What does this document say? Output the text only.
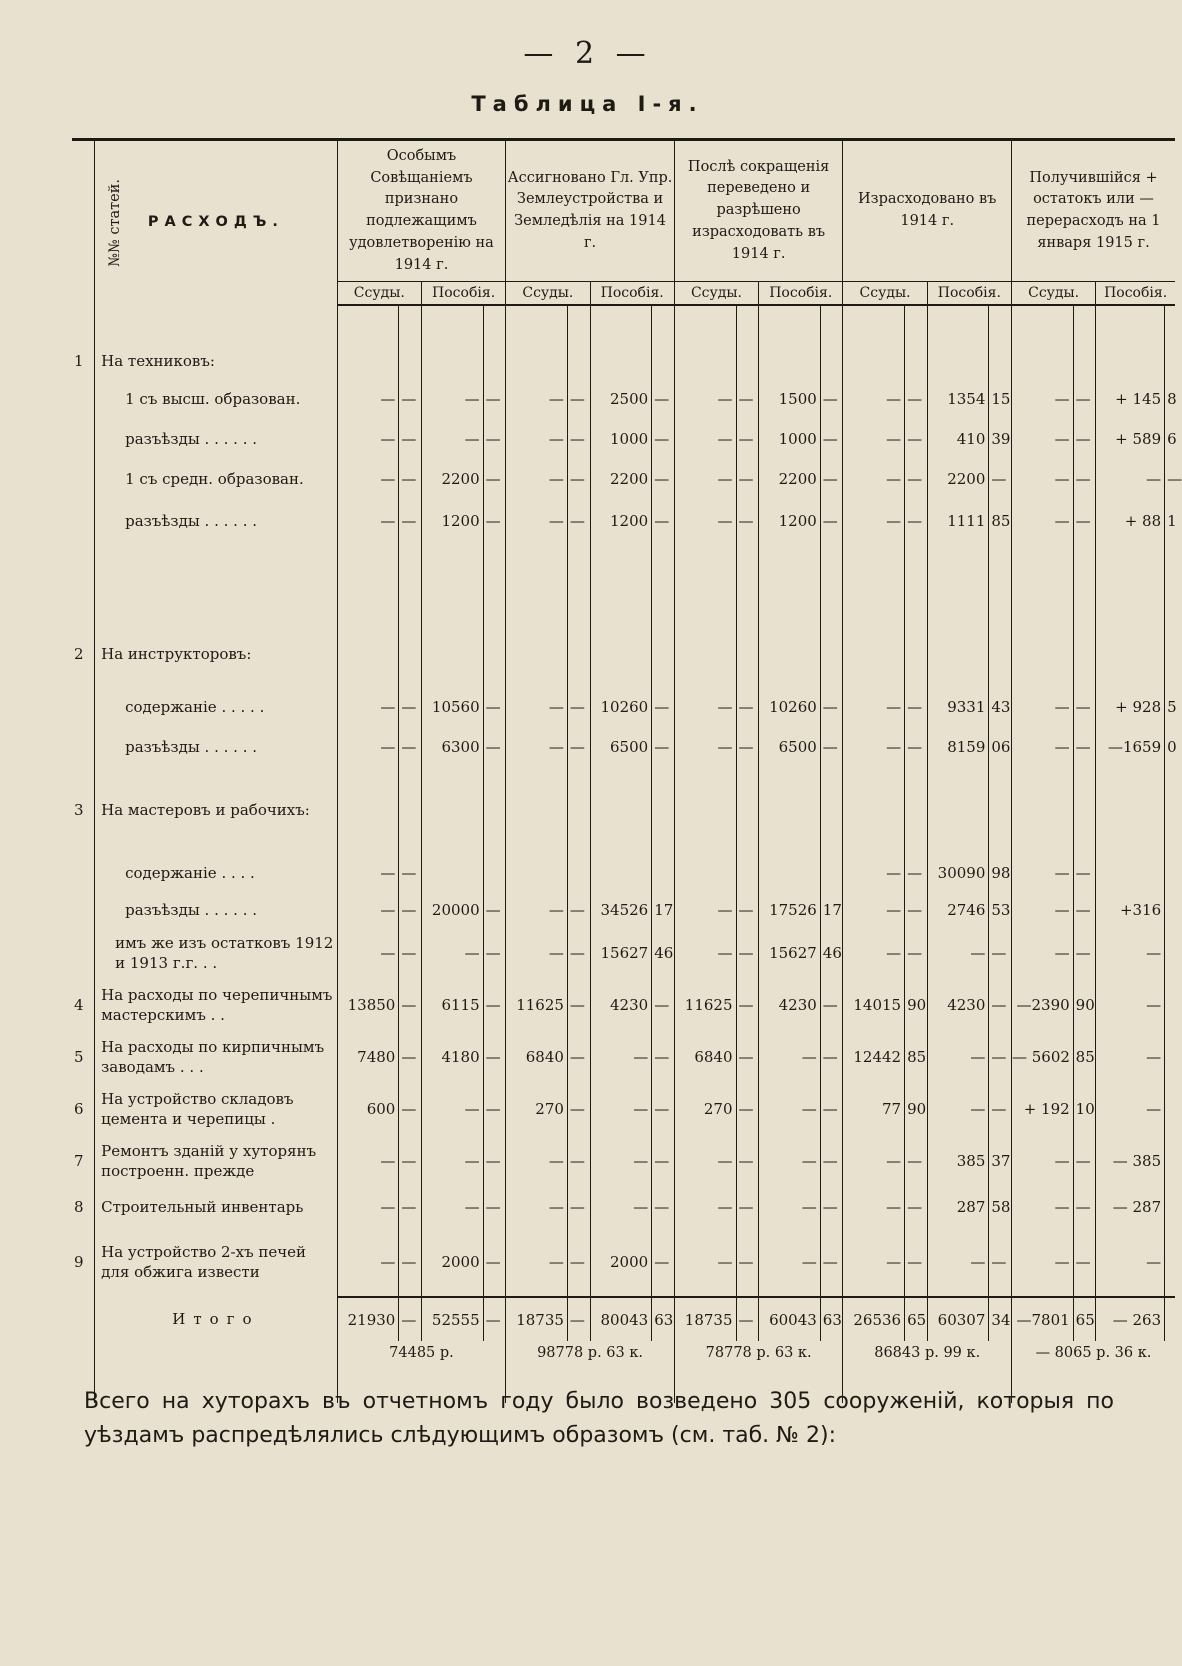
— 2 —
Таблица I-я.
№№ статей.	РАСХОДЪ.	Особымъ Совѣщаніемъ признано подлежащимъ удовлетворенію на 1914 г.				Ассигновано Гл. Упр. Землеустройства и Земледѣлія на 1914 г.				Послѣ сокращенія переведено и разрѣшено израсходовать въ 1914 г.				Израсходовано въ 1914 г.				Получившійся + остатокъ или — перерасходъ на 1 января 1915 г.			
		Ссуды.		Пособія.		Ссуды.		Пособія.		Ссуды.		Пособія.		Ссуды.		Пособія.		Ссуды.		Пособія.	

1	На техниковъ:																				
	1 съ высш. образован.	—	—	—	—	—	—	2500	—	—	—	1500	—	—	—	1354	15	—	—	+ 145	8
	разъѣзды . . . . . .	—	—	—	—	—	—	1000	—	—	—	1000	—	—	—	410	39	—	—	+ 589	6
	1 съ средн. образован.	—	—	2200	—	—	—	2200	—	—	—	2200	—	—	—	2200	—	—	—	—	—
	разъѣзды . . . . . .	—	—	1200	—	—	—	1200	—	—	—	1200	—	—	—	1111	85	—	—	+ 88	1

2	На инструкторовъ:																				
	содержаніе . . . . .	—	—	10560	—	—	—	10260	—	—	—	10260	—	—	—	9331	43	—	—	+ 928	5
	разъѣзды . . . . . .	—	—	6300	—	—	—	6500	—	—	—	6500	—	—	—	8159	06	—	—	—1659	0
3	На мастеровъ и рабочихъ:																				
	содержаніе . . . .	—	—											—	—	30090	98	—	—		
	разъѣзды . . . . . .	—	—	20000	—	—	—	34526	17	—	—	17526	17	—	—	2746	53	—	—	+316	
	имъ же изъ остатковъ 1912 и 1913 г.г. . .	—	—	—	—	—	—	15627	46	—	—	15627	46	—	—	—	—	—	—	—	
4	На расходы по черепичнымъ мастерскимъ . .	13850	—	6115	—	11625	—	4230	—	11625	—	4230	—	14015	90	4230	—	—2390	90	—	
5	На расходы по кирпичнымъ заводамъ . . .	7480	—	4180	—	6840	—	—	—	6840	—	—	—	12442	85	—	—	— 5602	85	—	
6	На устройство складовъ цемента и черепицы .	600	—	—	—	270	—	—	—	270	—	—	—	77	90	—	—	+ 192	10	—	
7	Ремонтъ зданій у хуторянъ построенн. прежде	—	—	—	—	—	—	—	—	—	—	—	—	—	—	385	37	—	—	— 385	
8	Строительный инвентарь	—	—	—	—	—	—	—	—	—	—	—	—	—	—	287	58	—	—	— 287	
9	На устройство 2-хъ печей для обжига извести	—	—	2000	—	—	—	2000	—	—	—	—	—	—	—	—	—	—	—	—	
	Итого	21930	—	52555	—	18735	—	80043	63	18735	—	60043	63	26536	65	60307	34	—7801	65	— 263	
		74485 р.				98778 р. 63 к.				78778 р. 63 к.				86843 р. 99 к.				— 8065 р. 36 к.			
Всего на хуторахъ въ отчетномъ году было возведено 305 сооруженій, которыя по уѣздамъ распредѣлялись слѣдующимъ образомъ (см. таб. № 2):
